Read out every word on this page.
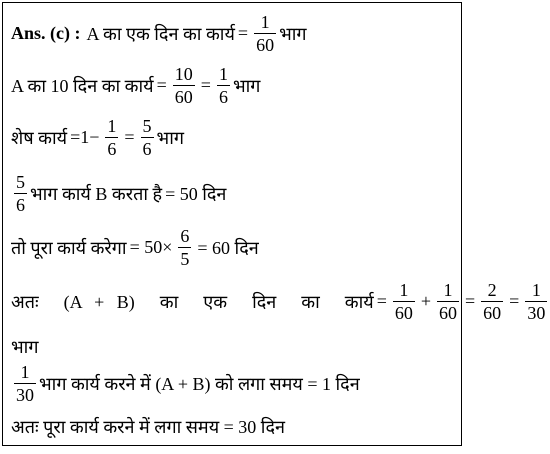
Ans. (c) : A का एक दिन का कार्य = $\frac{1}{60}$ भाग
A का 10 दिन का कार्य = $\frac{10}{60} = \frac{1}{6}$ भाग
शेष कार्य $=1- \frac{1}{6} = \frac{5}{6}$ भाग
$\frac{5}{6}$ भाग कार्य B करता है = 50 दिन
तो पूरा कार्य करेगा = $50\times \frac{6}{5} = 60$ दिन
अतः  (A + B)  का  एक  दिन  का  कार्य = $\frac{1}{60} + \frac{1}{60} = \frac{2}{60} = \frac{1}{30}$
भाग
$\frac{1}{30}$ भाग कार्य करने में (A + B) को लगा समय = 1 दिन
अतः पूरा कार्य करने में लगा समय = 30 दिन
